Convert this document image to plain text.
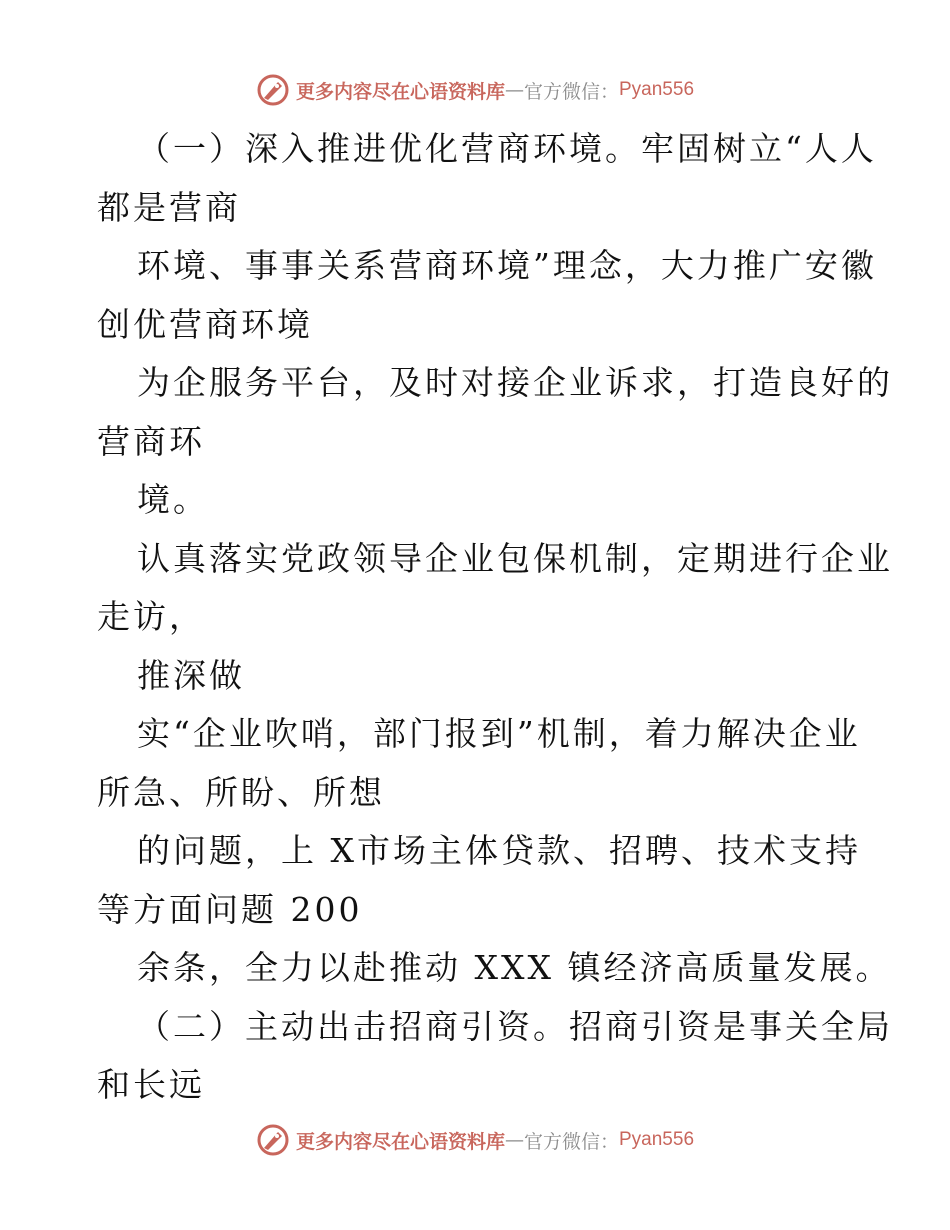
更多内容尽在心语资料库 — 官方微信： Pyan556
（一）深入推进优化营商环境。牢固树立“人人
都是营商
环境、事事关系营商环境”理念，大力推广安徽
创优营商环境
为企服务平台，及时对接企业诉求，打造良好的
营商环
境。
认真落实党政领导企业包保机制，定期进行企业
走访，
推深做
实“企业吹哨，部门报到”机制，着力解决企业
所急、所盼、所想
的问题，上 X市场主体贷款、招聘、技术支持
等方面问题 200
余条，全力以赴推动 XXX 镇经济高质量发展。
（二）主动出击招商引资。招商引资是事关全局
和长远
更多内容尽在心语资料库 — 官方微信： Pyan556
